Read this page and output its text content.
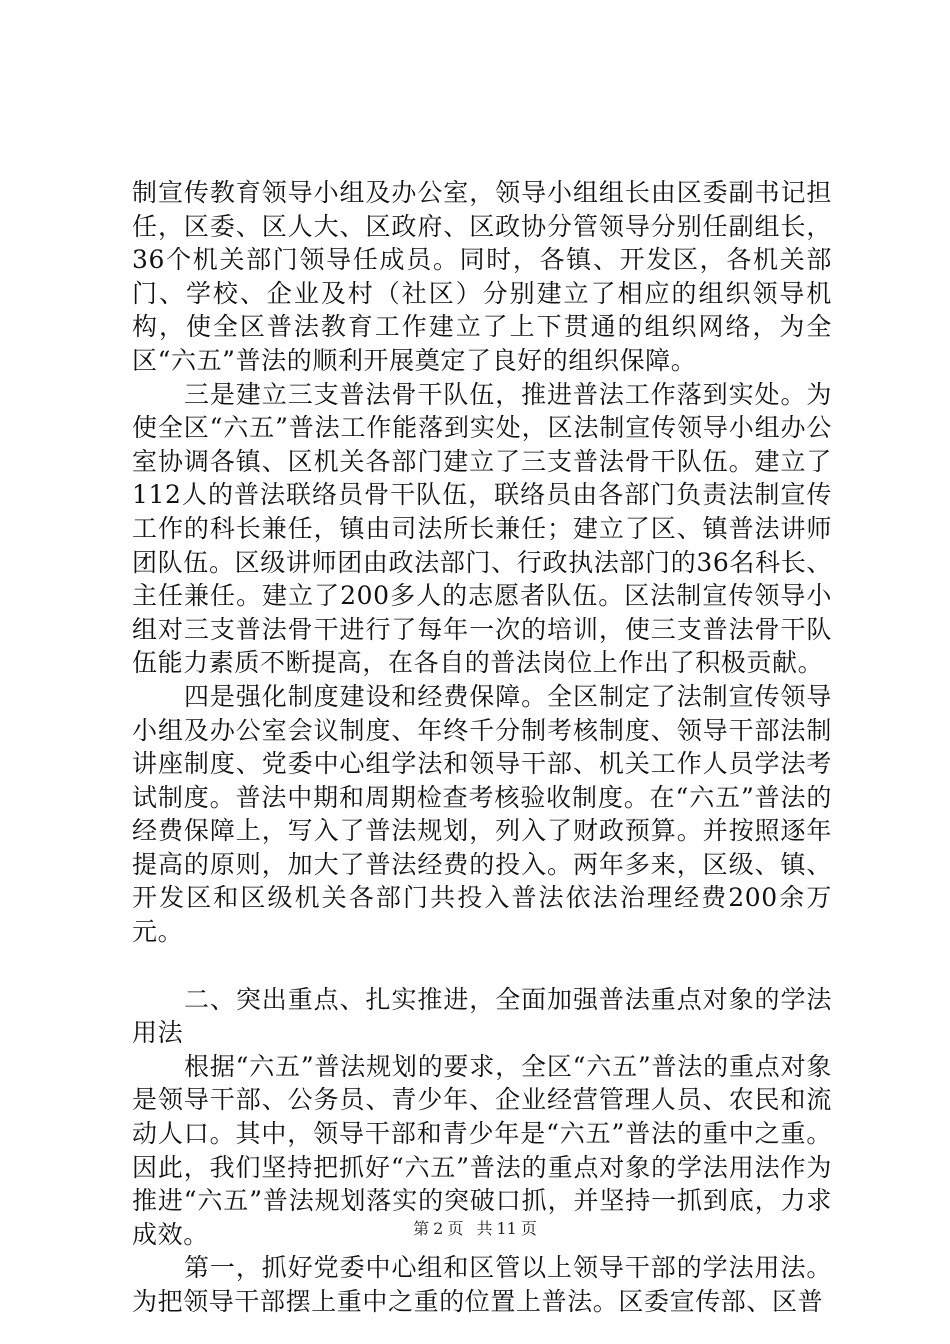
制宣传教育领导小组及办公室，领导小组组长由区委副书记担任，区委、区人大、区政府、区政协分管领导分别任副组长，36个机关部门领导任成员。同时，各镇、开发区，各机关部门、学校、企业及村（社区）分别建立了相应的组织领导机构，使全区普法教育工作建立了上下贯通的组织网络，为全区“六五”普法的顺利开展奠定了良好的组织保障。

三是建立三支普法骨干队伍，推进普法工作落到实处。为使全区“六五”普法工作能落到实处，区法制宣传领导小组办公室协调各镇、区机关各部门建立了三支普法骨干队伍。建立了112人的普法联络员骨干队伍，联络员由各部门负责法制宣传工作的科长兼任，镇由司法所长兼任；建立了区、镇普法讲师团队伍。区级讲师团由政法部门、行政执法部门的36名科长、主任兼任。建立了200多人的志愿者队伍。区法制宣传领导小组对三支普法骨干进行了每年一次的培训，使三支普法骨干队伍能力素质不断提高，在各自的普法岗位上作出了积极贡献。

四是强化制度建设和经费保障。全区制定了法制宣传领导小组及办公室会议制度、年终千分制考核制度、领导干部法制讲座制度、党委中心组学法和领导干部、机关工作人员学法考试制度。普法中期和周期检查考核验收制度。在“六五”普法的经费保障上，写入了普法规划，列入了财政预算。并按照逐年提高的原则，加大了普法经费的投入。两年多来，区级、镇、开发区和区级机关各部门共投入普法依法治理经费200余万元。

二、突出重点、扎实推进，全面加强普法重点对象的学法用法

根据“六五”普法规划的要求，全区“六五”普法的重点对象是领导干部、公务员、青少年、企业经营管理人员、农民和流动人口。其中，领导干部和青少年是“六五”普法的重中之重。因此，我们坚持把抓好“六五”普法的重点对象的学法用法作为推进“六五”普法规划落实的突破口抓，并坚持一抓到底，力求成效。

第一，抓好党委中心组和区管以上领导干部的学法用法。为把领导干部摆上重中之重的位置上普法。区委宣传部、区普

第 2 页 共 11 页
